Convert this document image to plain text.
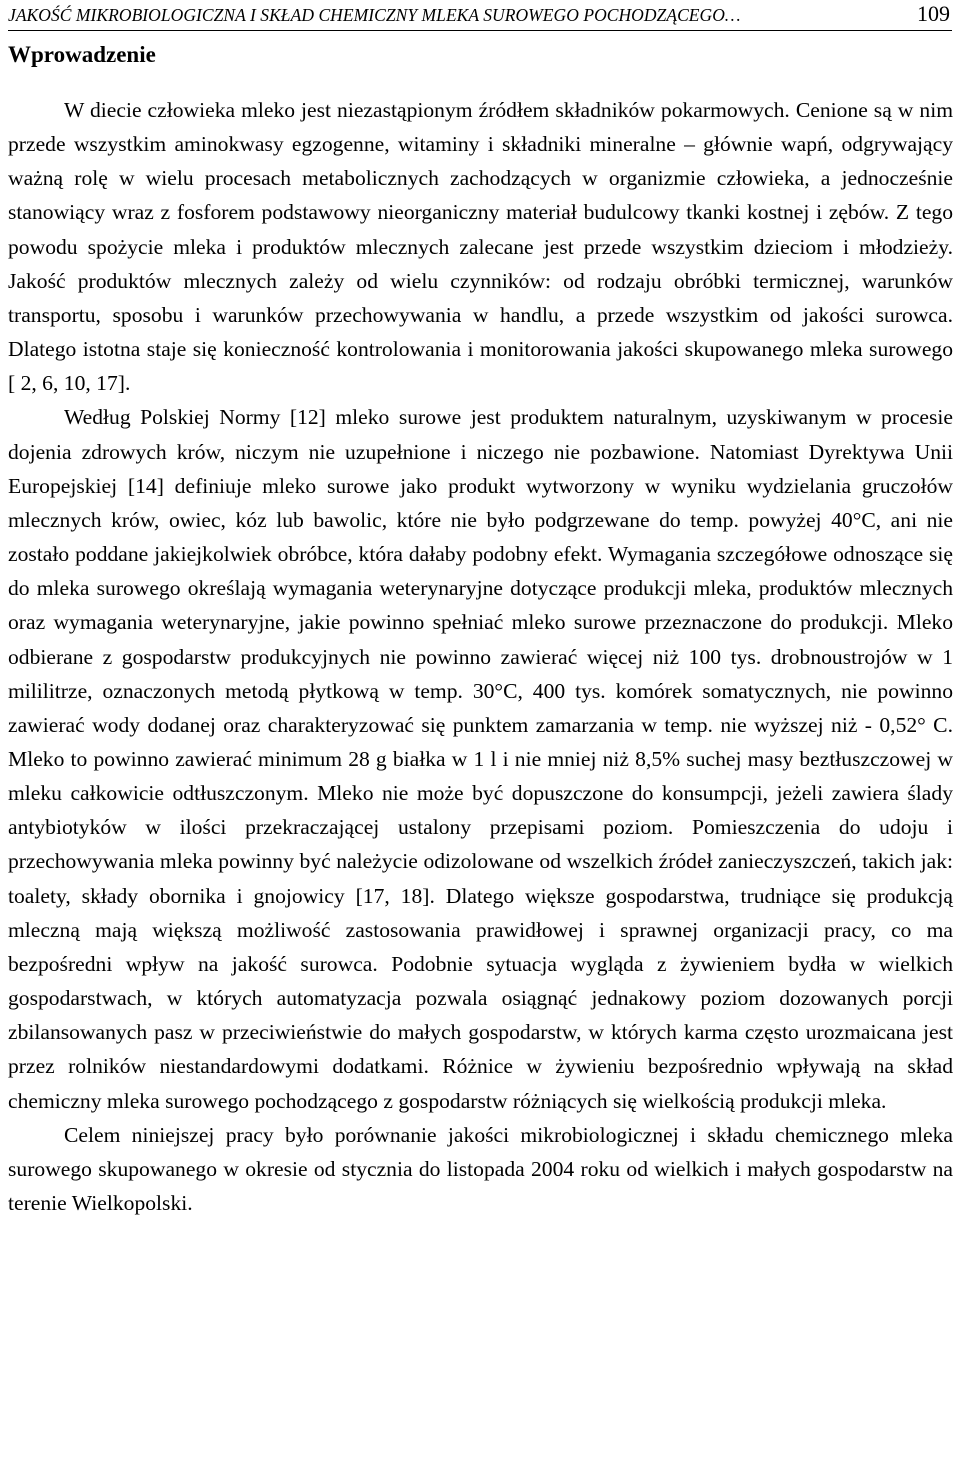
JAKOŚĆ MIKROBIOLOGICZNA I SKŁAD CHEMICZNY MLEKA SUROWEGO POCHODZĄCEGO…	109
Wprowadzenie

W diecie człowieka mleko jest niezastąpionym źródłem składników pokarmowych. Cenione są w nim przede wszystkim aminokwasy egzogenne, witaminy i składniki mineralne – głównie wapń, odgrywający ważną rolę w wielu procesach metabolicznych zachodzących w organizmie człowieka, a jednocześnie stanowiący wraz z fosforem podstawowy nieorganiczny materiał budulcowy tkanki kostnej i zębów. Z tego powodu spożycie mleka i produktów mlecznych zalecane jest przede wszystkim dzieciom i młodzieży. Jakość produktów mlecznych zależy od wielu czynników: od rodzaju obróbki termicznej, warunków transportu, sposobu i warunków przechowywania w handlu, a przede wszystkim od jakości surowca. Dlatego istotna staje się konieczność kontrolowania i monitorowania jakości skupowanego mleka surowego [ 2, 6, 10, 17].

Według Polskiej Normy [12] mleko surowe jest produktem naturalnym, uzyskiwanym w procesie dojenia zdrowych krów, niczym nie uzupełnione i niczego nie pozbawione. Natomiast Dyrektywa Unii Europejskiej [14] definiuje mleko surowe jako produkt wytworzony w wyniku wydzielania gruczołów mlecznych krów, owiec, kóz lub bawolic, które nie było podgrzewane do temp. powyżej 40°C, ani nie zostało poddane jakiejkolwiek obróbce, która dałaby podobny efekt. Wymagania szczegółowe odnoszące się do mleka surowego określają wymagania weterynaryjne dotyczące produkcji mleka, produktów mlecznych oraz wymagania weterynaryjne, jakie powinno spełniać mleko surowe przeznaczone do produkcji. Mleko odbierane z gospodarstw produkcyjnych nie powinno zawierać więcej niż 100 tys. drobnoustrojów w 1 mililitrze, oznaczonych metodą płytkową w temp. 30°C, 400 tys. komórek somatycznych, nie powinno zawierać wody dodanej oraz charakteryzować się punktem zamarzania w temp. nie wyższej niż - 0,52° C. Mleko to powinno zawierać minimum 28 g białka w 1 l i nie mniej niż 8,5% suchej masy beztłuszczowej w mleku całkowicie odtłuszczonym. Mleko nie może być dopuszczone do konsumpcji, jeżeli zawiera ślady antybiotyków w ilości przekraczającej ustalony przepisami poziom. Pomieszczenia do udoju i przechowywania mleka powinny być należycie odizolowane od wszelkich źródeł zanieczyszczeń, takich jak: toalety, składy obornika i gnojowicy [17, 18]. Dlatego większe gospodarstwa, trudniące się produkcją mleczną mają większą możliwość zastosowania prawidłowej i sprawnej organizacji pracy, co ma bezpośredni wpływ na jakość surowca. Podobnie sytuacja wygląda z żywieniem bydła w wielkich gospodarstwach, w których automatyzacja pozwala osiągnąć jednakowy poziom dozowanych porcji zbilansowanych pasz w przeciwieństwie do małych gospodarstw, w których karma często urozmaicana jest przez rolników niestandardowymi dodatkami. Różnice w żywieniu bezpośrednio wpływają na skład chemiczny mleka surowego pochodzącego z gospodarstw różniących się wielkością produkcji mleka.

Celem niniejszej pracy było porównanie jakości mikrobiologicznej i składu chemicznego mleka surowego skupowanego w okresie od stycznia do listopada 2004 roku od wielkich i małych gospodarstw na terenie Wielkopolski.
